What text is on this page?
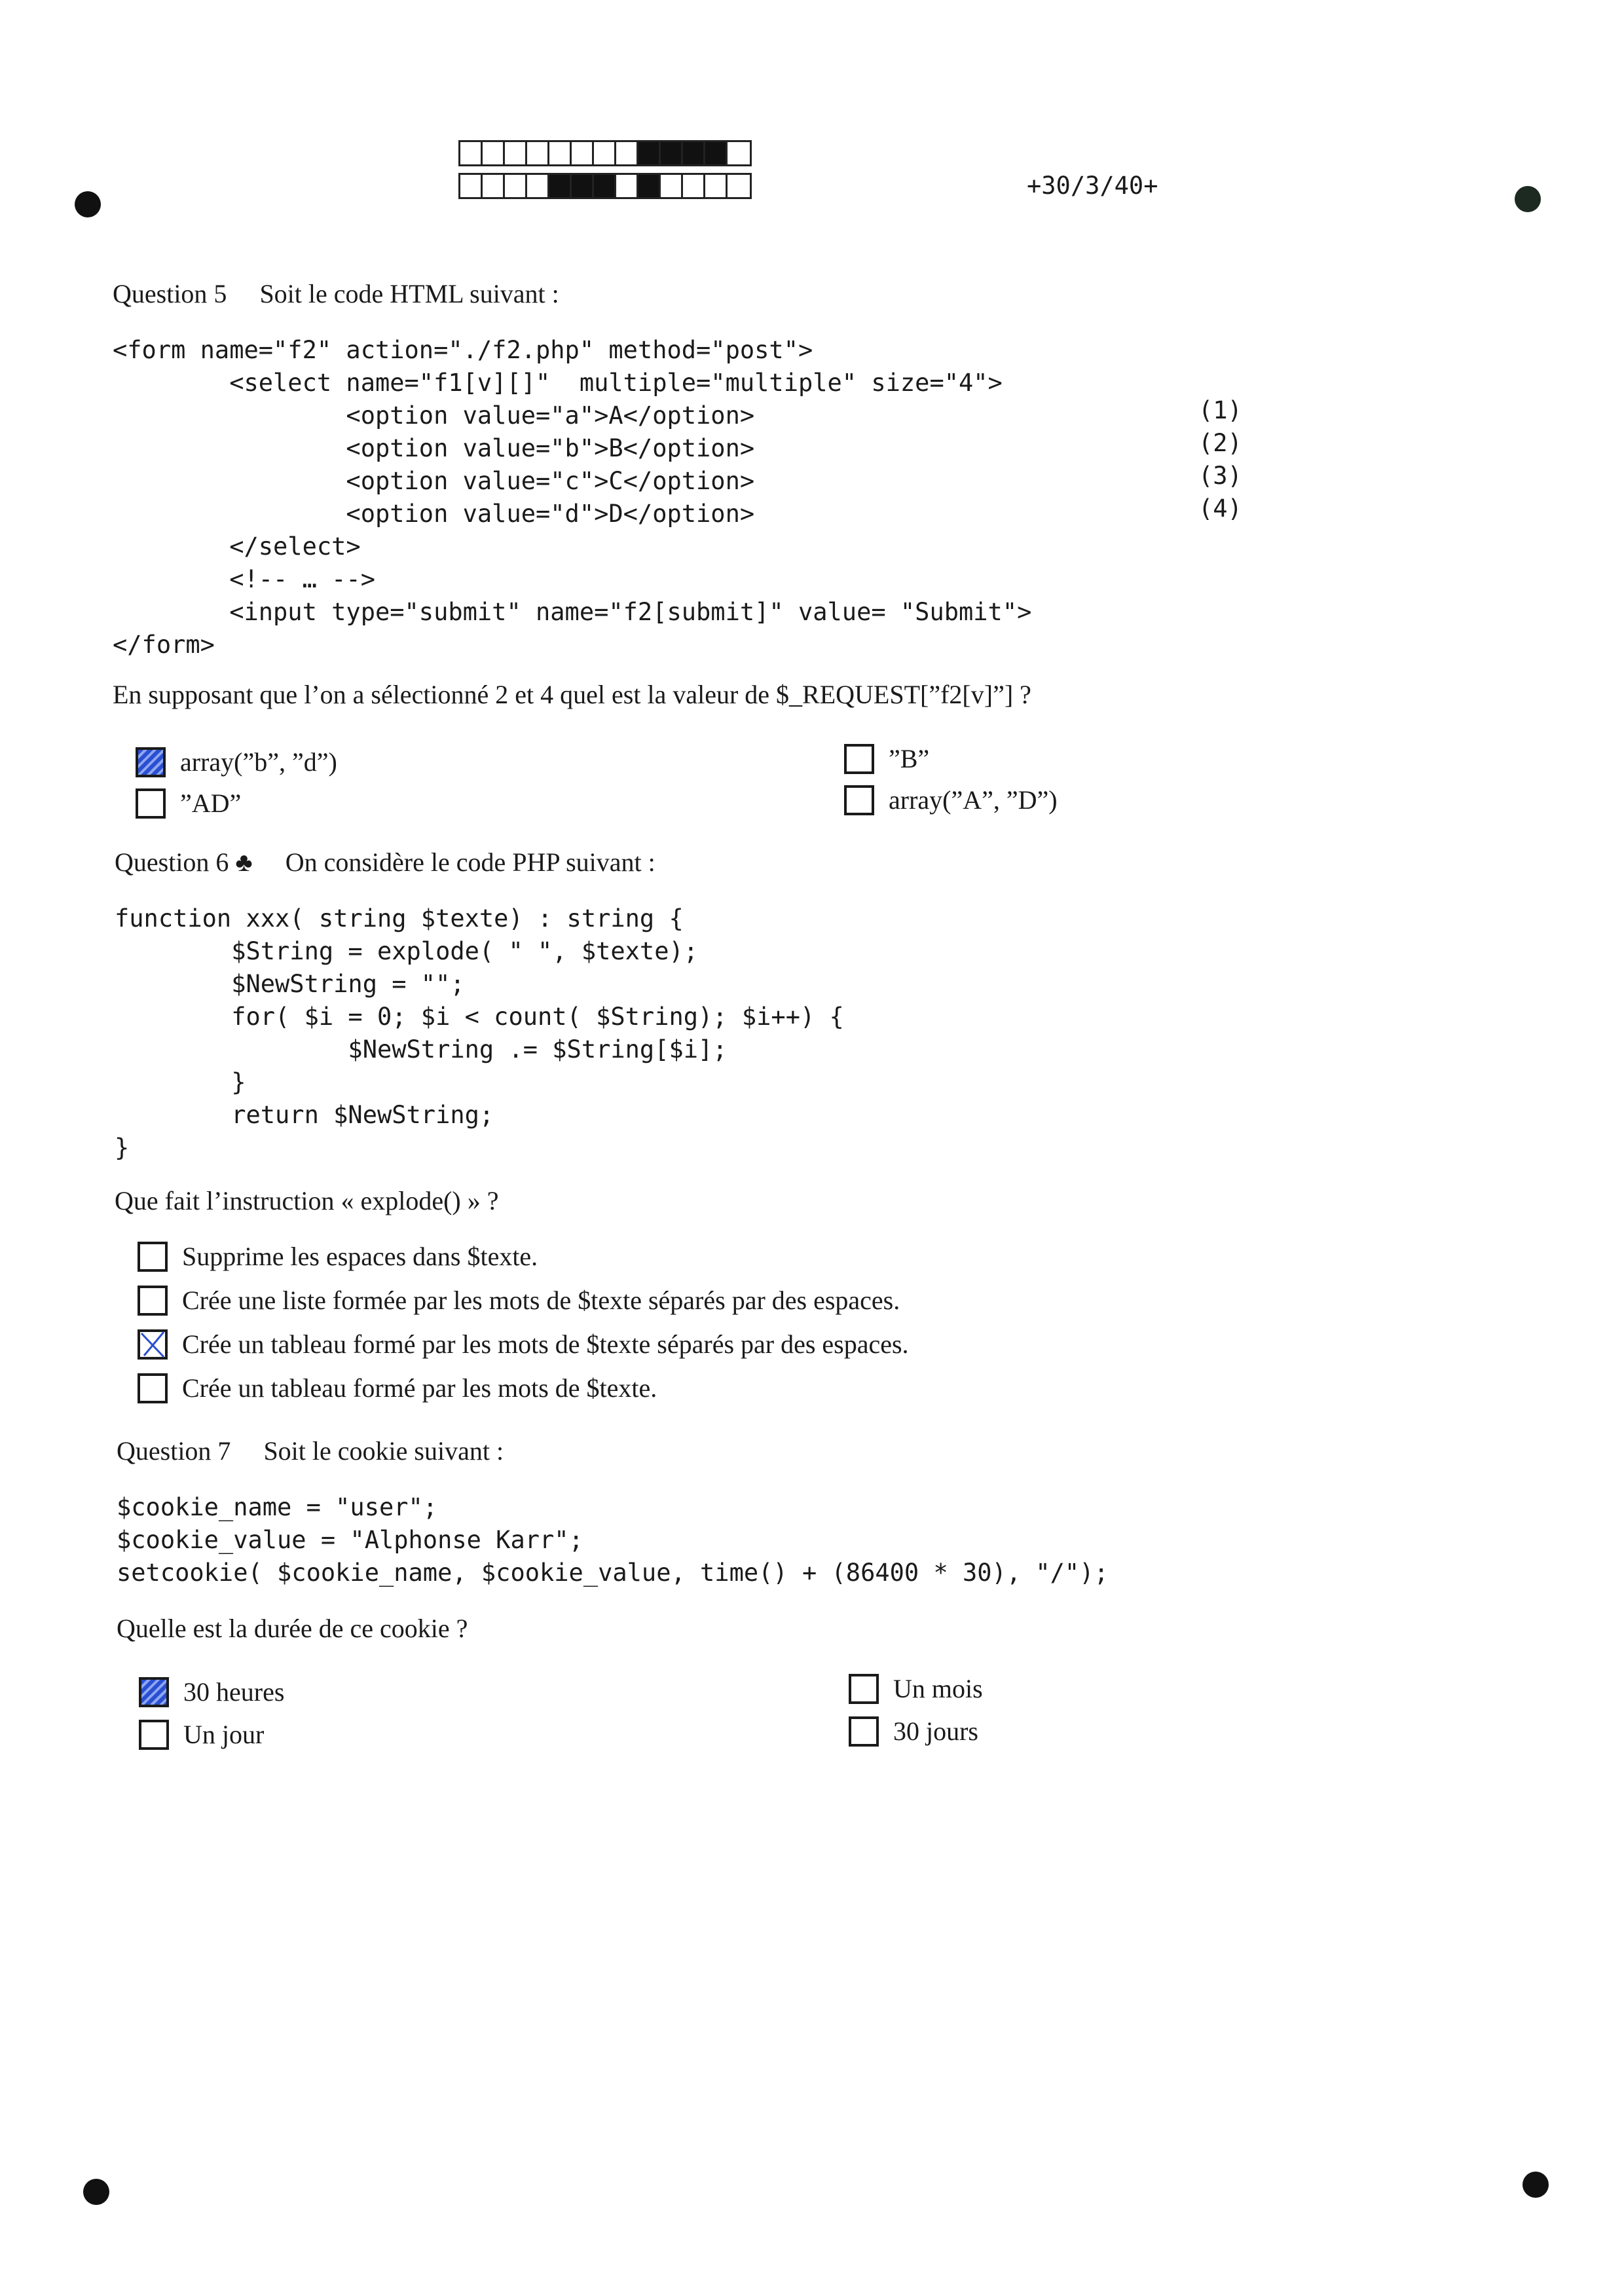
+30/3/40+
Question 5 Soit le code HTML suivant :
<form name="f2" action="./f2.php" method="post">
<select name="f1[v][]"  multiple="multiple" size="4">
<option value="a">A</option>
<option value="b">B</option>
<option value="c">C</option>
<option value="d">D</option>
</select>
<!-- … -->
<input type="submit" name="f2[submit]" value= "Submit">
</form>
(1)
(2)
(3)
(4)
En supposant que l’on a sélectionné 2 et 4 quel est la valeur de $_REQUEST[”f2[v]”] ?
array(”b”, ”d”)
”AD”
”B”
array(”A”, ”D”)
Question 6 ♣ On considère le code PHP suivant :
function xxx( string $texte) : string {
$String = explode( " ", $texte);
$NewString = "";
for( $i = 0; $i < count( $String); $i++) {
$NewString .= $String[$i];
}
return $NewString;
}
Que fait l’instruction « explode() » ?
Supprime les espaces dans $texte.
Crée une liste formée par les mots de $texte séparés par des espaces.
Crée un tableau formé par les mots de $texte séparés par des espaces.
Crée un tableau formé par les mots de $texte.
Question 7 Soit le cookie suivant :
$cookie_name = "user";
$cookie_value = "Alphonse Karr";
setcookie( $cookie_name, $cookie_value, time() + (86400 * 30), "/");
Quelle est la durée de ce cookie ?
30 heures
Un jour
Un mois
30 jours
